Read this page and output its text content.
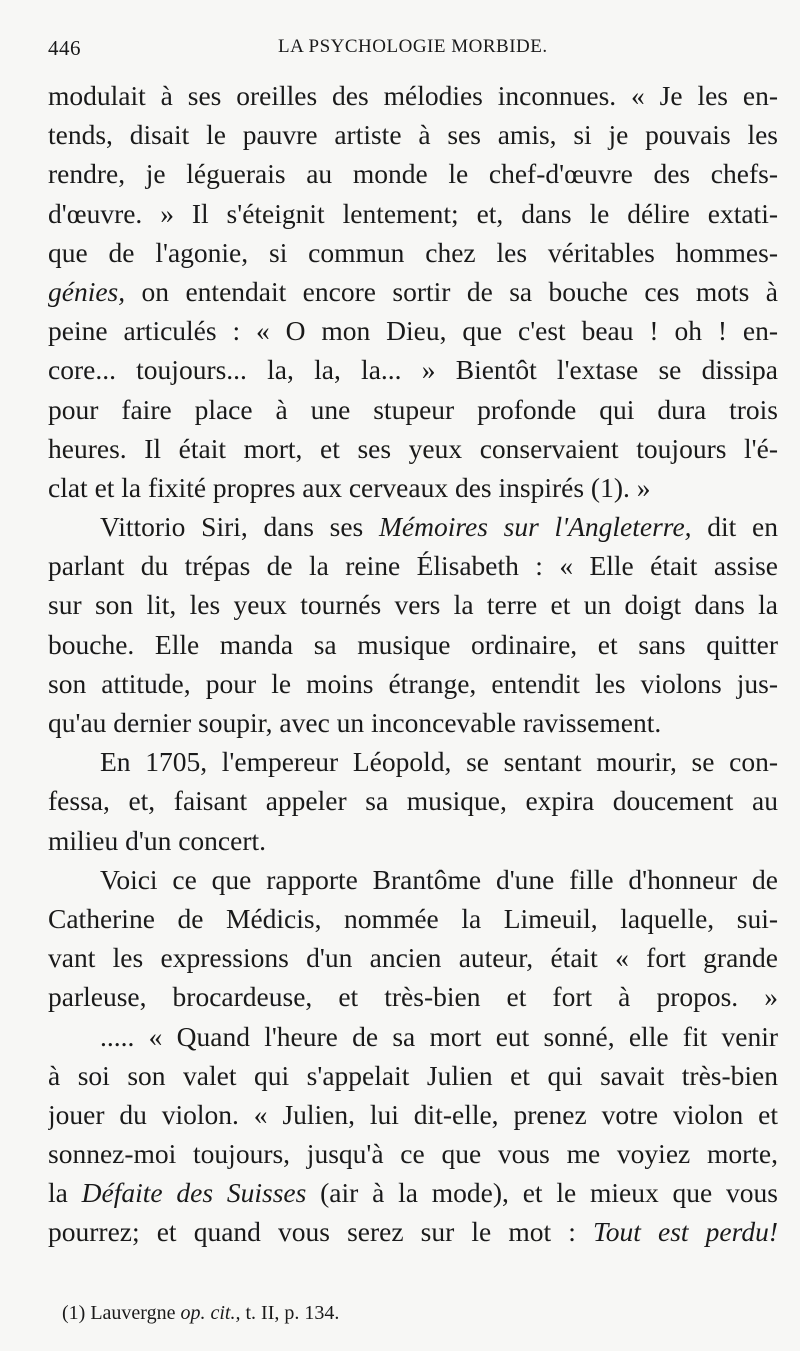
446	LA PSYCHOLOGIE MORBIDE.
modulait à ses oreilles des mélodies inconnues. « Je les en-
tends, disait le pauvre artiste à ses amis, si je pouvais les
rendre, je léguerais au monde le chef-d'œuvre des chefs-
d'œuvre. » Il s'éteignit lentement; et, dans le délire extati-
que de l'agonie, si commun chez les véritables hommes-
génies, on entendait encore sortir de sa bouche ces mots à
peine articulés : « O mon Dieu, que c'est beau ! oh ! en-
core... toujours... la, la, la... » Bientôt l'extase se dissipa
pour faire place à une stupeur profonde qui dura trois
heures. Il était mort, et ses yeux conservaient toujours l'é-
clat et la fixité propres aux cerveaux des inspirés (1). »
Vittorio Siri, dans ses Mémoires sur l'Angleterre, dit en
parlant du trépas de la reine Élisabeth : « Elle était assise
sur son lit, les yeux tournés vers la terre et un doigt dans la
bouche. Elle manda sa musique ordinaire, et sans quitter
son attitude, pour le moins étrange, entendit les violons jus-
qu'au dernier soupir, avec un inconcevable ravissement.
En 1705, l'empereur Léopold, se sentant mourir, se con-
fessa, et, faisant appeler sa musique, expira doucement au
milieu d'un concert.
Voici ce que rapporte Brantôme d'une fille d'honneur de
Catherine de Médicis, nommée la Limeuil, laquelle, sui-
vant les expressions d'un ancien auteur, était « fort grande
parleuse, brocardeuse, et très-bien et fort à propos. »
..... « Quand l'heure de sa mort eut sonné, elle fit venir
à soi son valet qui s'appelait Julien et qui savait très-bien
jouer du violon. « Julien, lui dit-elle, prenez votre violon et
sonnez-moi toujours, jusqu'à ce que vous me voyiez morte,
la Défaite des Suisses (air à la mode), et le mieux que vous
pourrez; et quand vous serez sur le mot : Tout est perdu!
(1) Lauvergne op. cit., t. II, p. 134.
